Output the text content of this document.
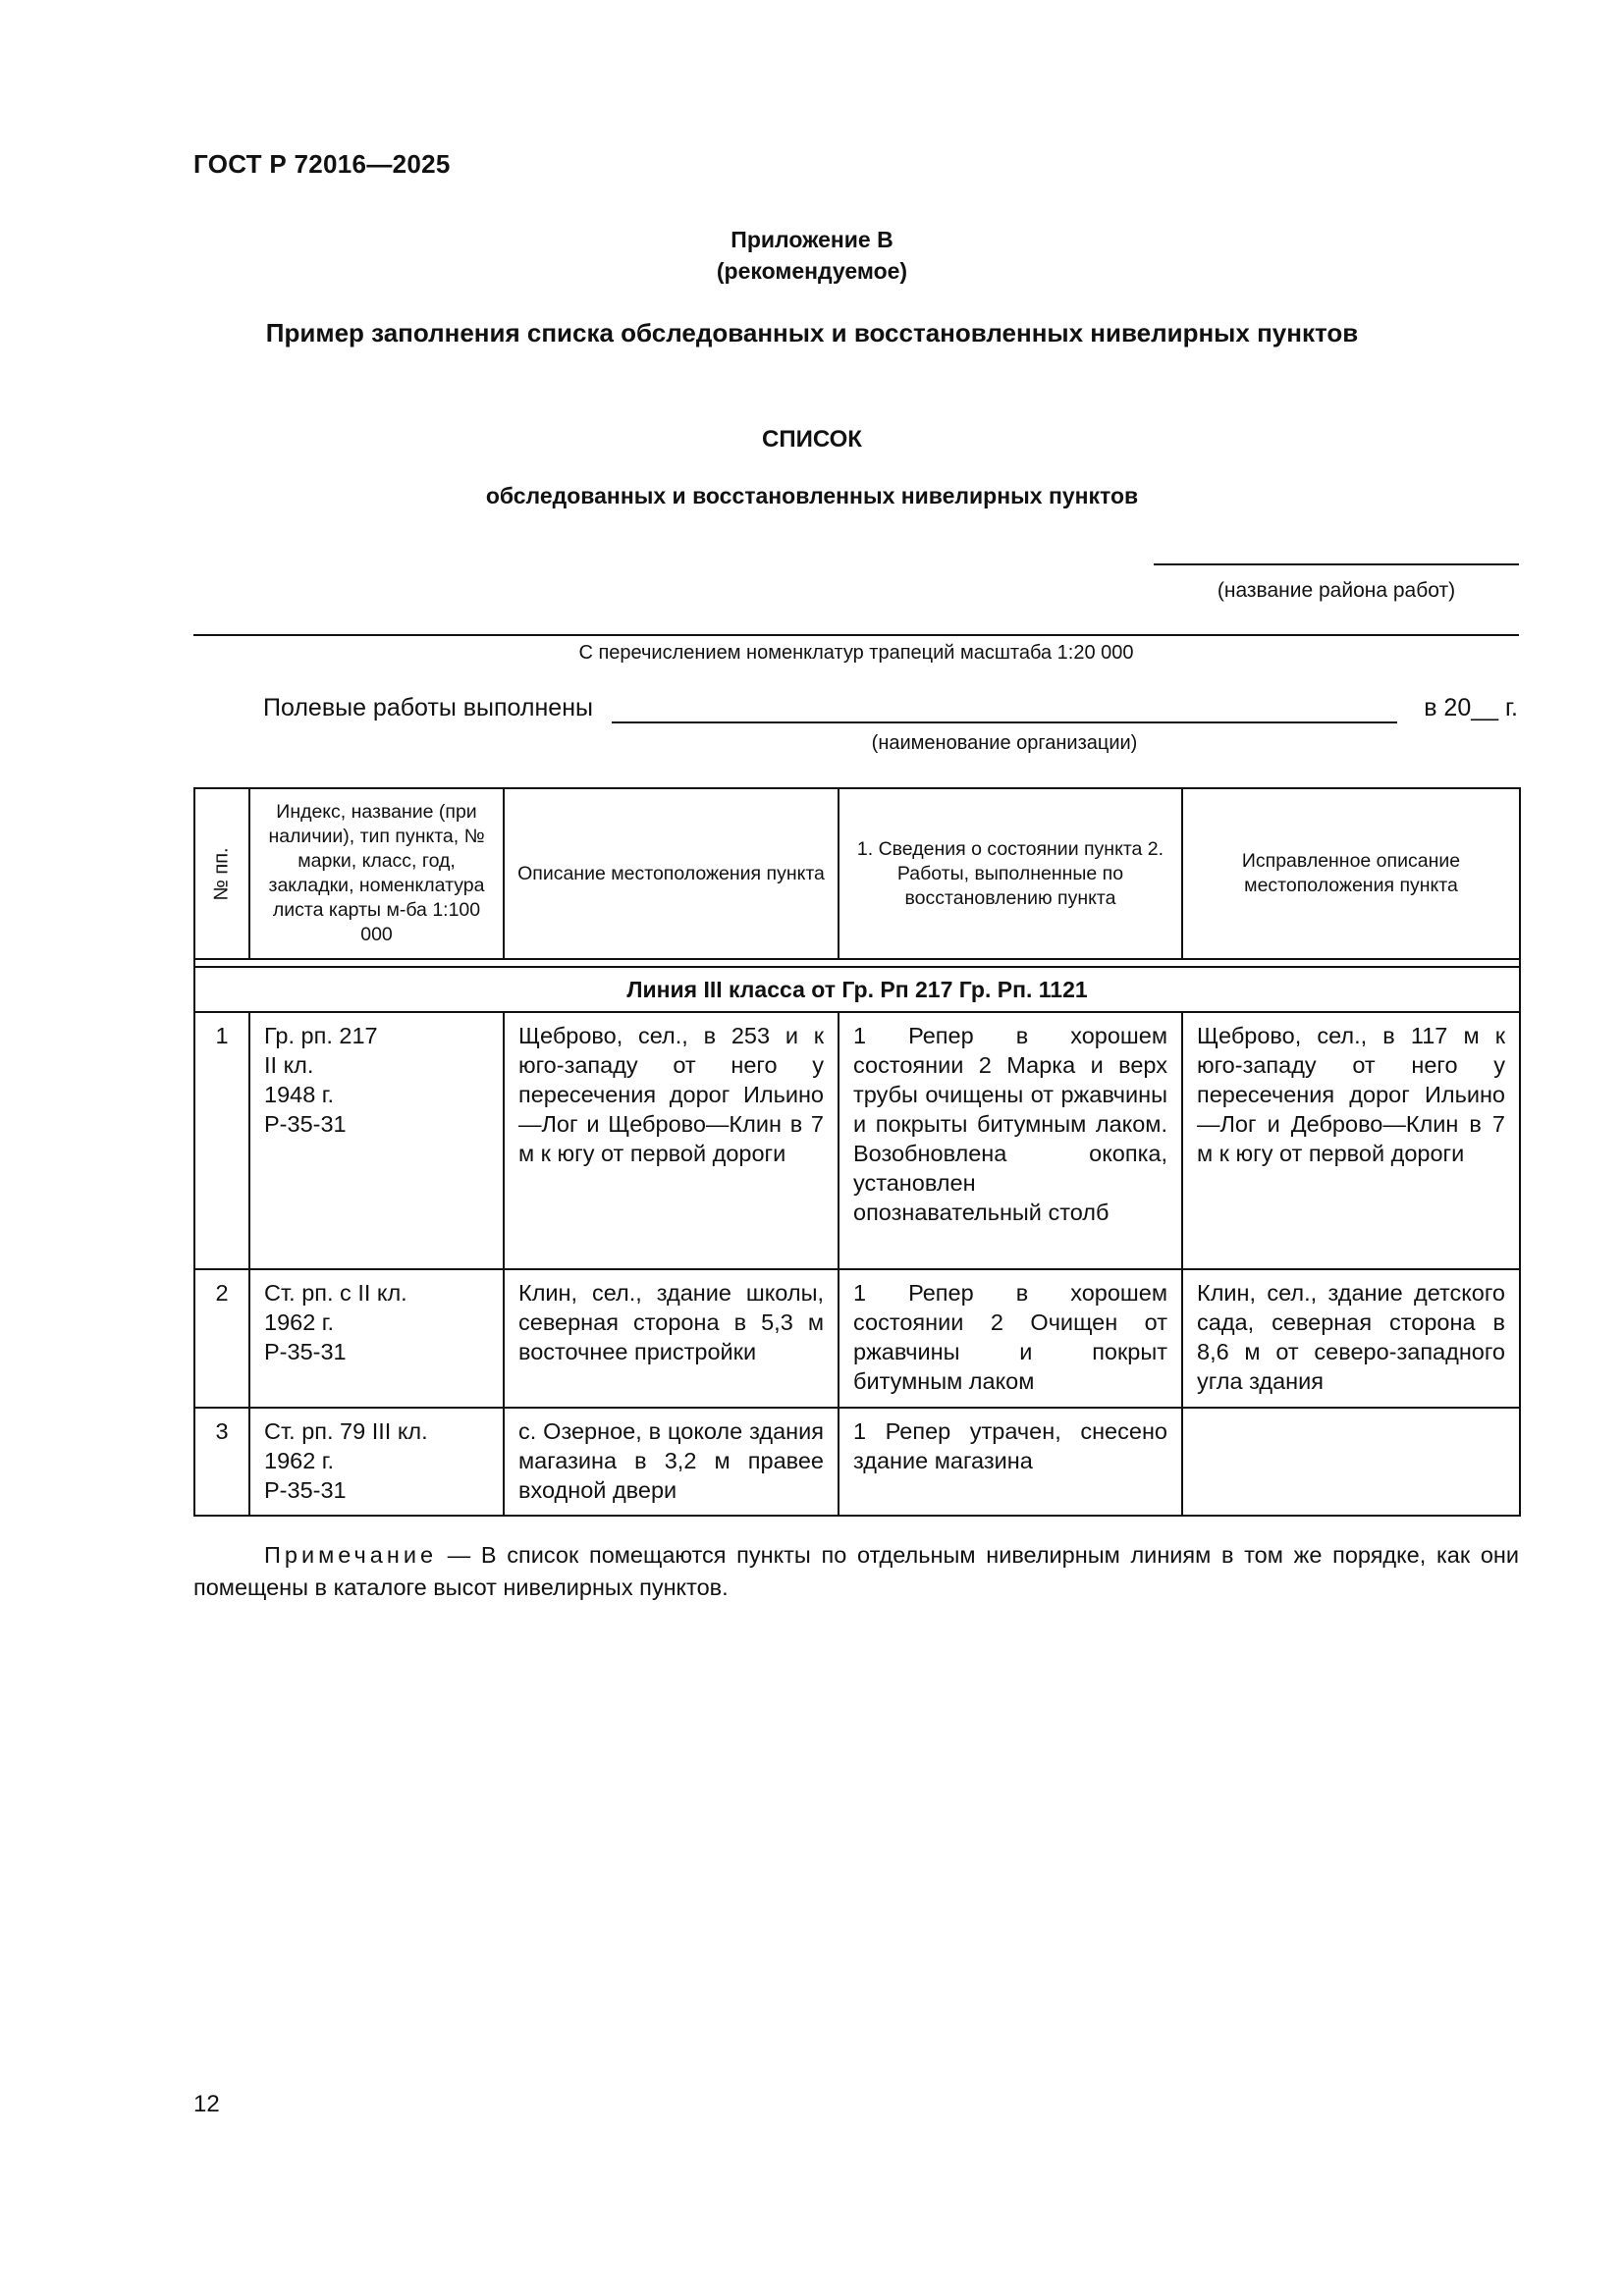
ГОСТ Р 72016—2025
Приложение В
(рекомендуемое)
Пример заполнения списка обследованных и восстановленных нивелирных пунктов
СПИСОК
обследованных и восстановленных нивелирных пунктов
(название района работ)
С перечислением номенклатур трапеций масштаба 1:20 000
Полевые работы выполнены	в 20__ г.
(наименование организации)
№ пп.	Индекс, название (при наличии), тип пункта, № марки, класс, год, закладки, номенклатура листа карты м-ба 1:100 000	Описание местоположения пункта	1. Сведения о состоянии пункта 2. Работы, выполненные по восстановлению пункта	Исправленное описание местоположения пункта

Линия III класса от Гр. Рп 217 Гр. Рп. 1121				
1	Гр. рп. 217
II кл.
1948 г.
Р-35-31	Щеброво, сел., в 253 и к юго-западу от него у пересечения дорог Ильино—Лог и Щеброво—Клин в 7 м к югу от первой дороги	1 Репер в хорошем состоянии 2 Марка и верх трубы очищены от ржавчины и покрыты битумным лаком. Возобновлена окопка, установлен опознавательный столб	Щеброво, сел., в 117 м к юго-западу от него у пересечения дорог Ильино—Лог и Деброво—Клин в 7 м к югу от первой дороги
2	Ст. рп. с II кл.
1962 г.
Р-35-31	Клин, сел., здание школы, северная сторона в 5,3 м восточнее пристройки	1 Репер в хорошем состоянии 2 Очищен от ржавчины и покрыт битумным лаком	Клин, сел., здание детского сада, северная сторона в 8,6 м от северо-западного угла здания
3	Ст. рп. 79 III кл.
1962 г.
Р-35-31	с. Озерное, в цоколе здания магазина в 3,2 м правее входной двери	1 Репер утрачен, снесено здание магазина	
Примечание — В список помещаются пункты по отдельным нивелирным линиям в том же порядке, как они помещены в каталоге высот нивелирных пунктов.
12
